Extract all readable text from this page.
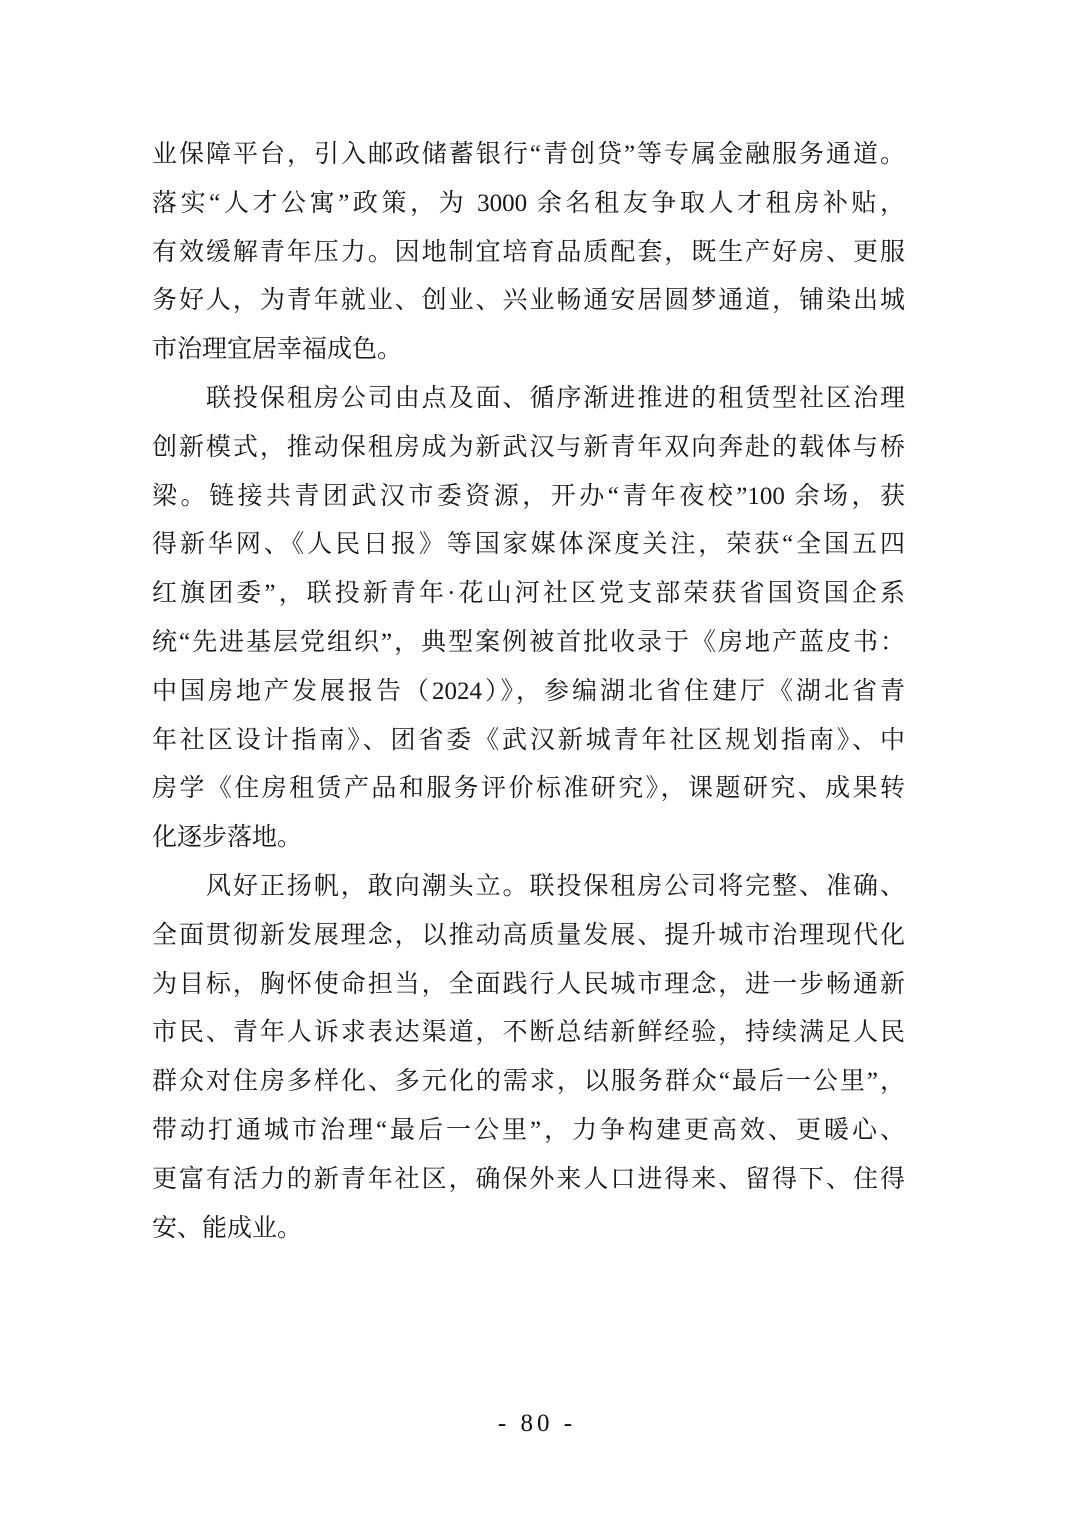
业保障平台，引入邮政储蓄银行“青创贷”等专属金融服务通道。
落实“人才公寓”政策，为 3000 余名租友争取人才租房补贴，
有效缓解青年压力。因地制宜培育品质配套，既生产好房、更服
务好人，为青年就业、创业、兴业畅通安居圆梦通道，铺染出城
市治理宜居幸福成色。

联投保租房公司由点及面、循序渐进推进的租赁型社区治理
创新模式，推动保租房成为新武汉与新青年双向奔赴的载体与桥
梁。链接共青团武汉市委资源，开办“青年夜校”100 余场，获
得新华网、《人民日报》等国家媒体深度关注，荣获“全国五四
红旗团委”，联投新青年·花山河社区党支部荣获省国资国企系
统“先进基层党组织”，典型案例被首批收录于《房地产蓝皮书：
中国房地产发展报告（2024）》，参编湖北省住建厅《湖北省青
年社区设计指南》、团省委《武汉新城青年社区规划指南》、中
房学《住房租赁产品和服务评价标准研究》，课题研究、成果转
化逐步落地。

风好正扬帆，敢向潮头立。联投保租房公司将完整、准确、
全面贯彻新发展理念，以推动高质量发展、提升城市治理现代化
为目标，胸怀使命担当，全面践行人民城市理念，进一步畅通新
市民、青年人诉求表达渠道，不断总结新鲜经验，持续满足人民
群众对住房多样化、多元化的需求，以服务群众“最后一公里”，
带动打通城市治理“最后一公里”，力争构建更高效、更暖心、
更富有活力的新青年社区，确保外来人口进得来、留得下、住得
安、能成业。

- 80 -
